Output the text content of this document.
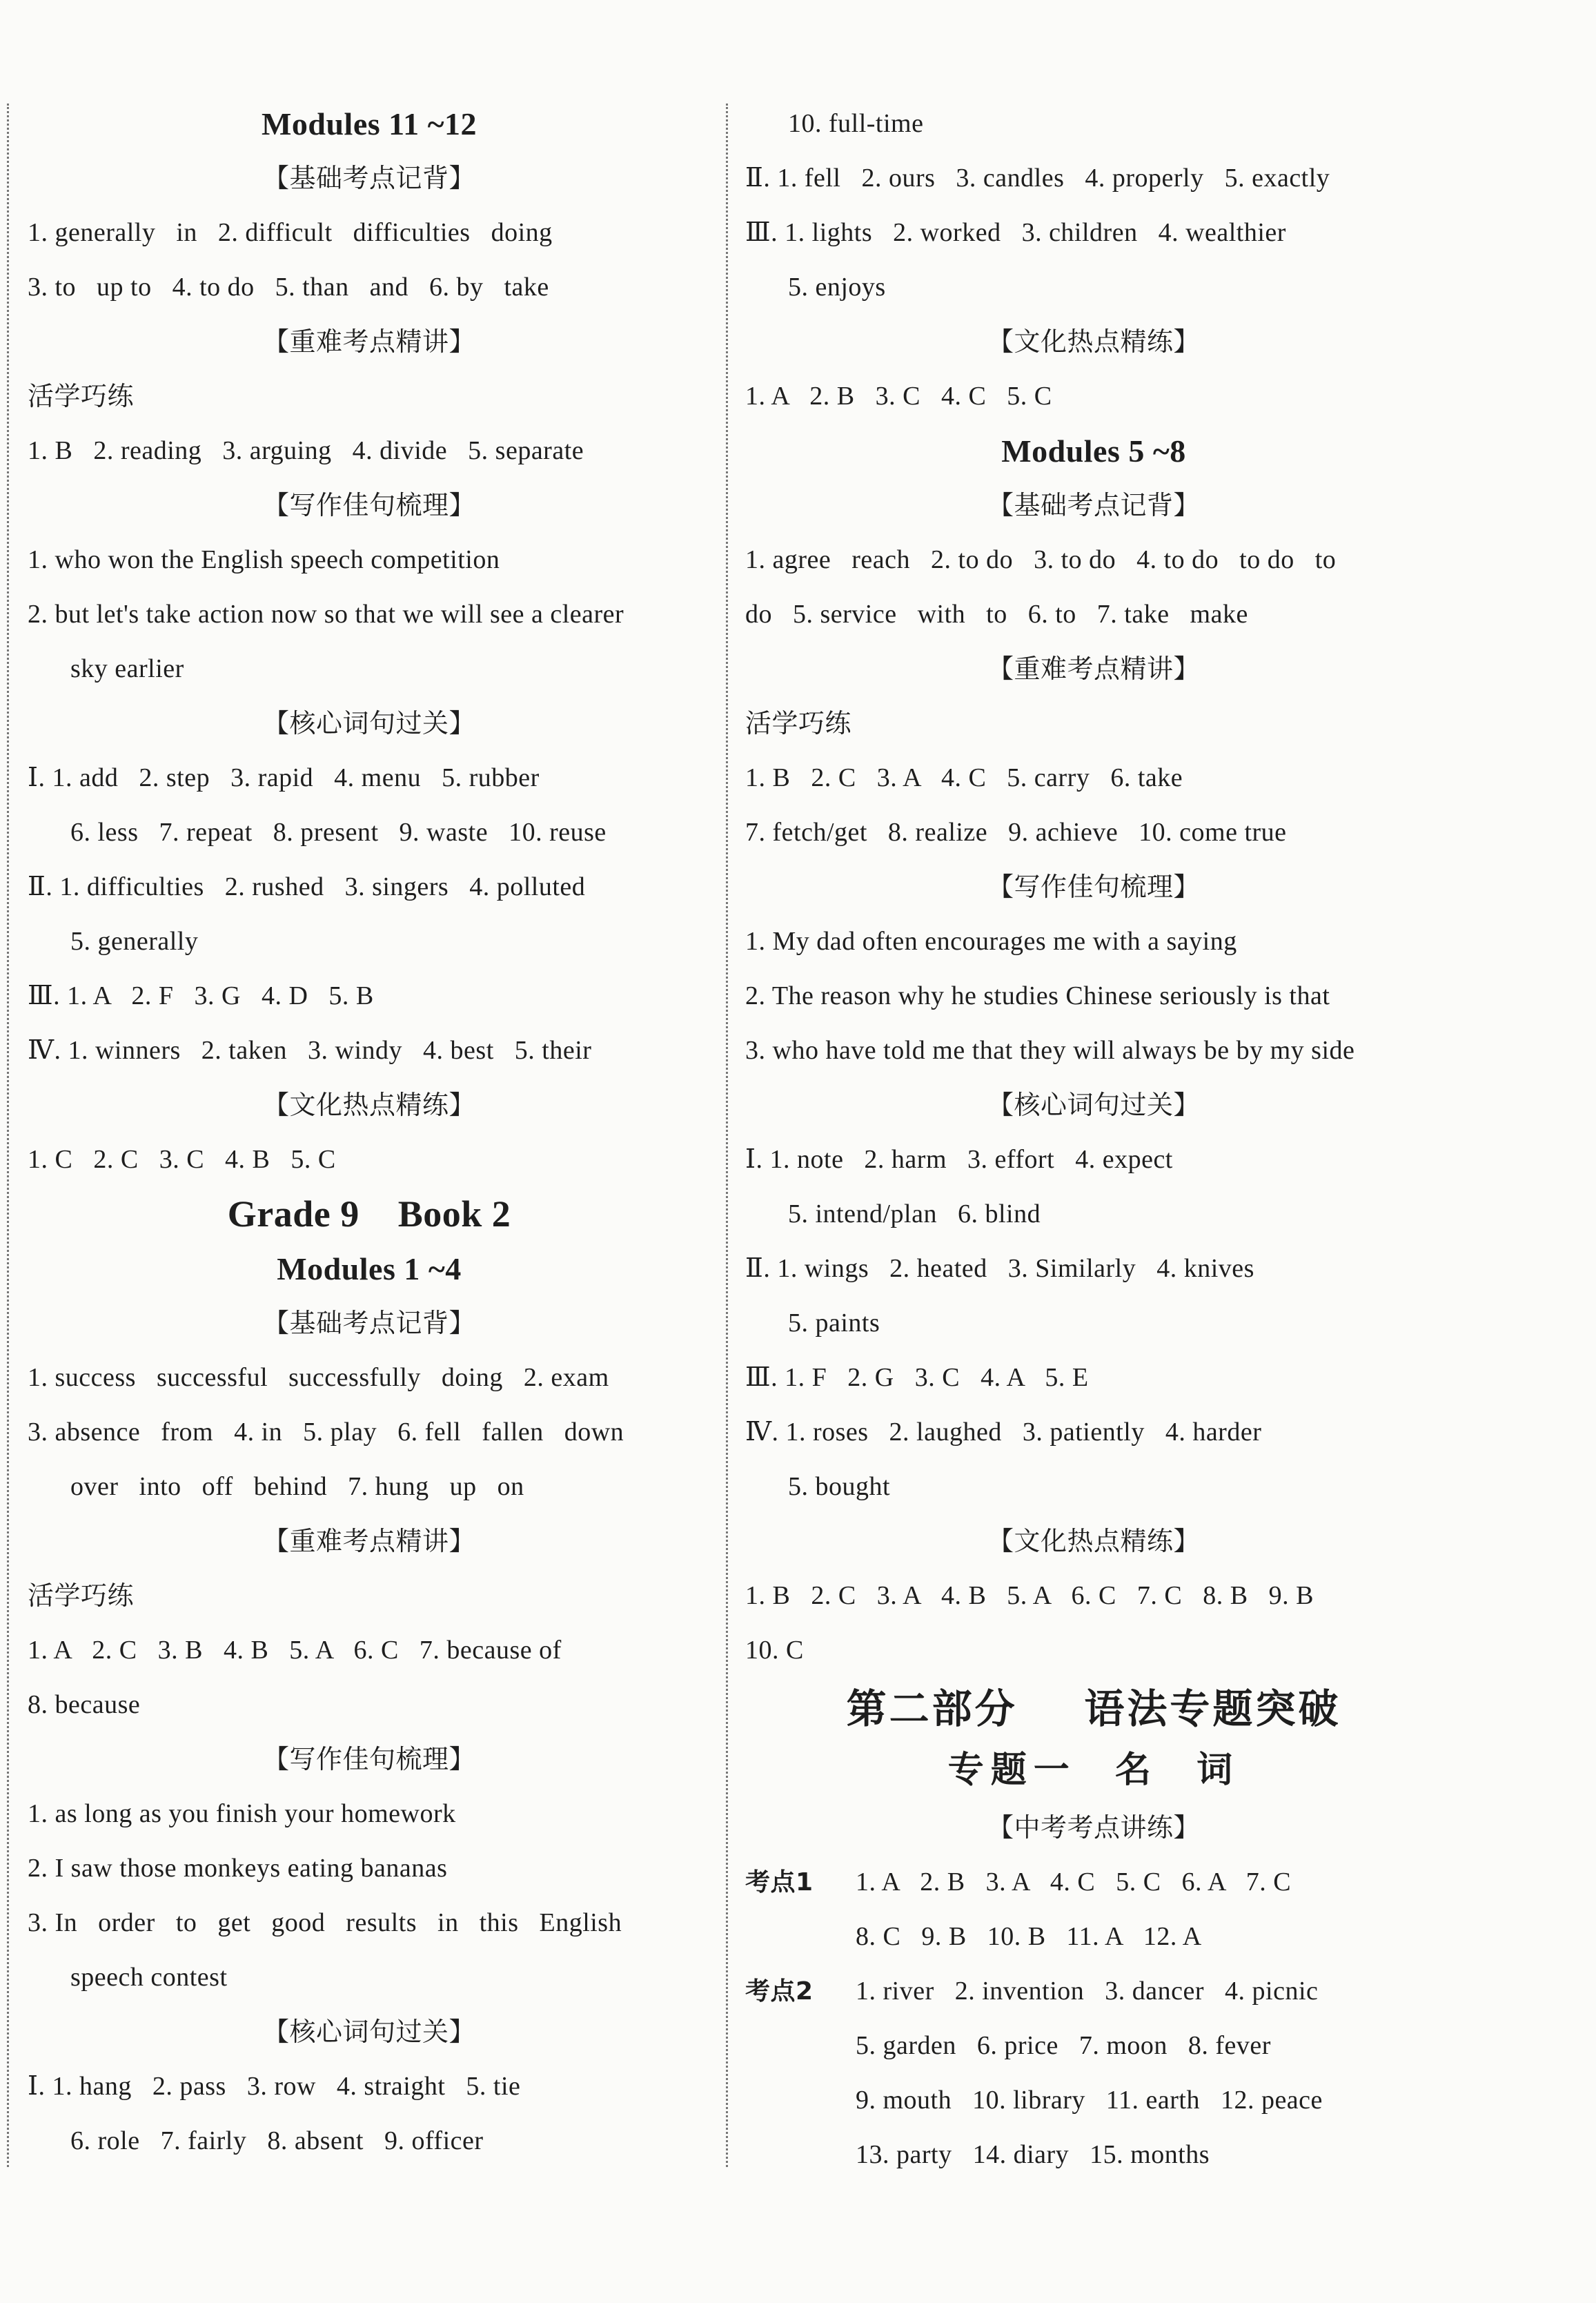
Modules 11 ~12
【基础考点记背】
1. generally   in   2. difficult   difficulties   doing
3. to   up to   4. to do   5. than   and   6. by   take
【重难考点精讲】
活学巧练
1. B   2. reading   3. arguing   4. divide   5. separate
【写作佳句梳理】
1. who won the English speech competition
2. but let's take action now so that we will see a clearer
sky earlier
【核心词句过关】
Ⅰ. 1. add   2. step   3. rapid   4. menu   5. rubber
6. less   7. repeat   8. present   9. waste   10. reuse
Ⅱ. 1. difficulties   2. rushed   3. singers   4. polluted
5. generally
Ⅲ. 1. A   2. F   3. G   4. D   5. B
Ⅳ. 1. winners   2. taken   3. windy   4. best   5. their
【文化热点精练】
1. C   2. C   3. C   4. B   5. C
Grade 9    Book 2
Modules 1 ~4
【基础考点记背】
1. success   successful   successfully   doing   2. exam
3. absence   from   4. in   5. play   6. fell   fallen   down
over   into   off   behind   7. hung   up   on
【重难考点精讲】
活学巧练
1. A   2. C   3. B   4. B   5. A   6. C   7. because of
8. because
【写作佳句梳理】
1. as long as you finish your homework
2. I saw those monkeys eating bananas
3. In   order   to   get   good   results   in   this   English
speech contest
【核心词句过关】
Ⅰ. 1. hang   2. pass   3. row   4. straight   5. tie
6. role   7. fairly   8. absent   9. officer
10. full-time
Ⅱ. 1. fell   2. ours   3. candles   4. properly   5. exactly
Ⅲ. 1. lights   2. worked   3. children   4. wealthier
5. enjoys
【文化热点精练】
1. A   2. B   3. C   4. C   5. C
Modules 5 ~8
【基础考点记背】
1. agree   reach   2. to do   3. to do   4. to do   to do   to
do   5. service   with   to   6. to   7. take   make
【重难考点精讲】
活学巧练
1. B   2. C   3. A   4. C   5. carry   6. take
7. fetch/get   8. realize   9. achieve   10. come true
【写作佳句梳理】
1. My dad often encourages me with a saying
2. The reason why he studies Chinese seriously is that
3. who have told me that they will always be by my side
【核心词句过关】
Ⅰ. 1. note   2. harm   3. effort   4. expect
5. intend/plan   6. blind
Ⅱ. 1. wings   2. heated   3. Similarly   4. knives
5. paints
Ⅲ. 1. F   2. G   3. C   4. A   5. E
Ⅳ. 1. roses   2. laughed   3. patiently   4. harder
5. bought
【文化热点精练】
1. B   2. C   3. A   4. B   5. A   6. C   7. C   8. B   9. B
10. C
第二部分    语法专题突破
专题一  名  词
【中考考点讲练】
考点1 1. A   2. B   3. A   4. C   5. C   6. A   7. C
8. C   9. B   10. B   11. A   12. A
考点2 1. river   2. invention   3. dancer   4. picnic
5. garden   6. price   7. moon   8. fever
9. mouth   10. library   11. earth   12. peace
13. party   14. diary   15. months
